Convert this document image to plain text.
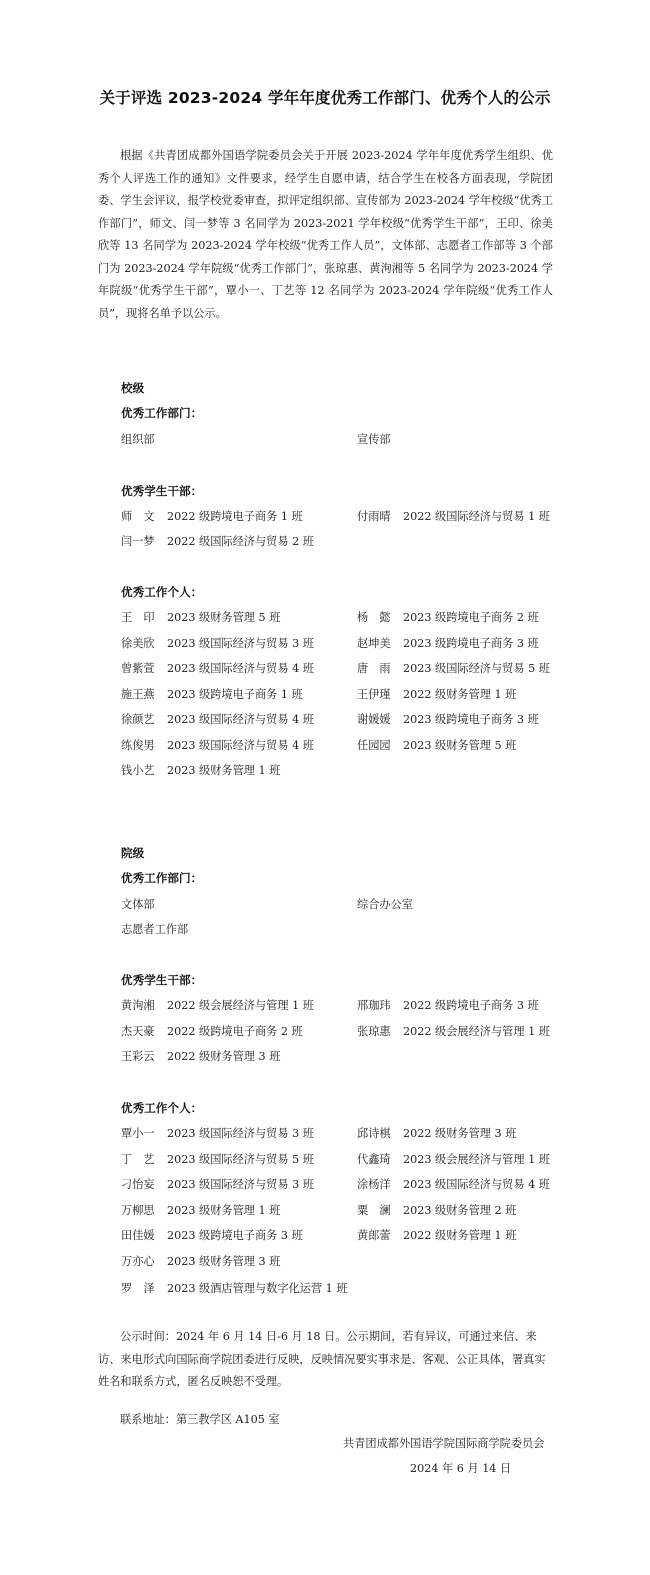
关于评选 2023-2024 学年年度优秀工作部门、优秀个人的公示

根据《共青团成都外国语学院委员会关于开展 2023-2024 学年年度优秀学生组织、优秀个人评选工作的通知》文件要求，经学生自愿申请，结合学生在校各方面表现，学院团委、学生会评议，报学校党委审查，拟评定组织部、宣传部为 2023-2024 学年校级“优秀工作部门”，师文、闫一梦等 3 名同学为 2023-2021 学年校级“优秀学生干部”，王印、徐美欣等 13 名同学为 2023-2024 学年校级“优秀工作人员”，文体部、志愿者工作部等 3 个部门为 2023-2024 学年院级“优秀工作部门”，张琼惠、黄洵湘等 5 名同学为 2023-2024 学年院级“优秀学生干部”，覃小一、丁艺等 12 名同学为 2023-2024 学年院级“优秀工作人员”，现将名单予以公示。

校级
优秀工作部门：
组织部	宣传部
优秀学生干部：
师　文 2022 级跨境电子商务 1 班	付雨晴 2022 级国际经济与贸易 1 班
闫一梦 2022 级国际经济与贸易 2 班
优秀工作个人：
王　印 2023 级财务管理 5 班	杨　懿 2023 级跨境电子商务 2 班
徐美欣 2023 级国际经济与贸易 3 班	赵坤美 2023 级跨境电子商务 3 班
曾紫萱 2023 级国际经济与贸易 4 班	唐　雨 2023 级国际经济与贸易 5 班
施王燕 2023 级跨境电子商务 1 班	王伊瑾 2022 级财务管理 1 班
徐颜艺 2023 级国际经济与贸易 4 班	谢媛媛 2023 级跨境电子商务 3 班
练俊男 2023 级国际经济与贸易 4 班	任园园 2023 级财务管理 5 班
钱小艺 2023 级财务管理 1 班
院级
优秀工作部门：
文体部	综合办公室
志愿者工作部
优秀学生干部：
黄洵湘 2022 级会展经济与管理 1 班	邢珈玮 2022 级跨境电子商务 3 班
杰天豪 2022 级跨境电子商务 2 班	张琼惠 2022 级会展经济与管理 1 班
王彩云 2022 级财务管理 3 班
优秀工作个人：
覃小一 2023 级国际经济与贸易 3 班	邱诗棋 2022 级财务管理 3 班
丁　艺 2023 级国际经济与贸易 5 班	代鑫琦 2023 级会展经济与管理 1 班
刁怡妄 2023 级国际经济与贸易 3 班	涂杨洋 2023 级国际经济与贸易 4 班
万柳思 2023 级财务管理 1 班	粟　澜 2023 级财务管理 2 班
田佳媛 2023 级跨境电子商务 3 班	黄郎蕾 2022 级财务管理 1 班
万亦心 2023 级财务管理 3 班
罗　泽 2023 级酒店管理与数字化运营 1 班

公示时间：2024 年 6 月 14 日-6 月 18 日。公示期间，若有异议，可通过来信、来访、来电形式向国际商学院团委进行反映，反映情况要实事求是、客观、公正具体，署真实姓名和联系方式，匿名反映恕不受理。

联系地址：第三教学区 A105 室
共青团成都外国语学院国际商学院委员会
2024 年 6 月 14 日
